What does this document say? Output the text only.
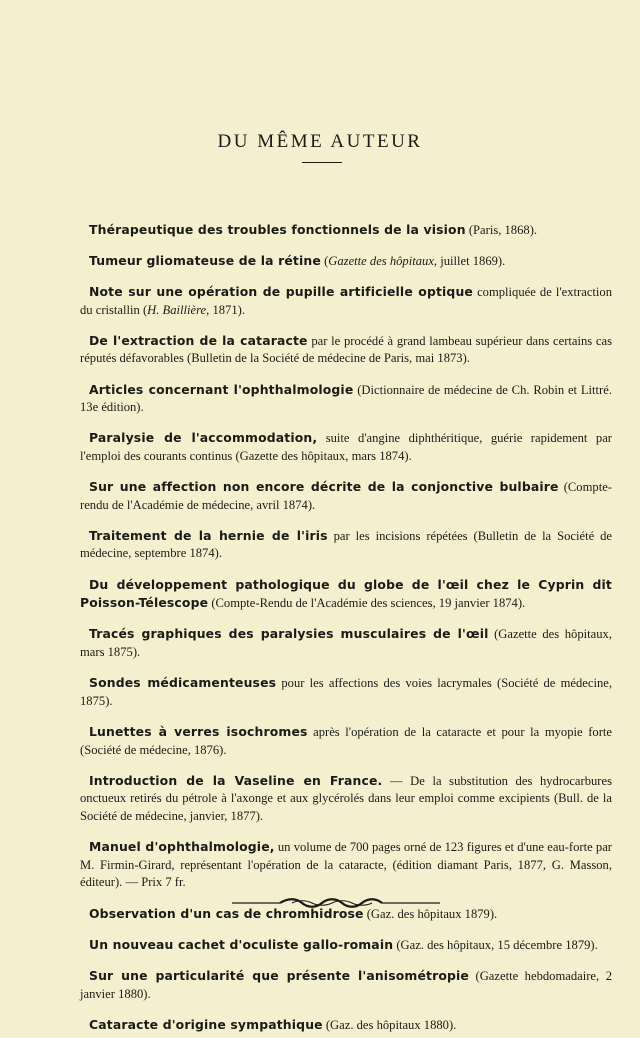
DU MÊME AUTEUR

Thérapeutique des troubles fonctionnels de la vision (Paris, 1868).

Tumeur gliomateuse de la rétine (Gazette des hôpitaux, juillet 1869).

Note sur une opération de pupille artificielle optique compliquée de l'extraction du cristallin (H. Baillière, 1871).

De l'extraction de la cataracte par le procédé à grand lambeau supérieur dans certains cas réputés défavorables (Bulletin de la Société de médecine de Paris, mai 1873).

Articles concernant l'ophthalmologie (Dictionnaire de médecine de Ch. Robin et Littré. 13e édition).

Paralysie de l'accommodation, suite d'angine diphthéritique, guérie rapidement par l'emploi des courants continus (Gazette des hôpitaux, mars 1874).

Sur une affection non encore décrite de la conjonctive bulbaire (Compte-rendu de l'Académie de médecine, avril 1874).

Traitement de la hernie de l'iris par les incisions répétées (Bulletin de la Société de médecine, septembre 1874).

Du développement pathologique du globe de l'œil chez le Cyprin dit Poisson-Télescope (Compte-Rendu de l'Académie des sciences, 19 janvier 1874).

Tracés graphiques des paralysies musculaires de l'œil (Gazette des hôpitaux, mars 1875).

Sondes médicamenteuses pour les affections des voies lacrymales (Société de médecine, 1875).

Lunettes à verres isochromes après l'opération de la cataracte et pour la myopie forte (Société de médecine, 1876).

Introduction de la Vaseline en France. — De la substitution des hydrocarbures onctueux retirés du pétrole à l'axonge et aux glycérolés dans leur emploi comme excipients (Bull. de la Société de médecine, janvier, 1877).

Manuel d'ophthalmologie, un volume de 700 pages orné de 123 figures et d'une eau-forte par M. Firmin-Girard, représentant l'opération de la cataracte, (édition diamant Paris, 1877, G. Masson, éditeur). — Prix 7 fr.

Observation d'un cas de chromhidrose (Gaz. des hôpitaux 1879).

Un nouveau cachet d'oculiste gallo-romain (Gaz. des hôpitaux, 15 décembre 1879).

Sur une particularité que présente l'anisométropie (Gazette hebdomadaire, 2 janvier 1880).

Cataracte d'origine sympathique (Gaz. des hôpitaux 1880).
